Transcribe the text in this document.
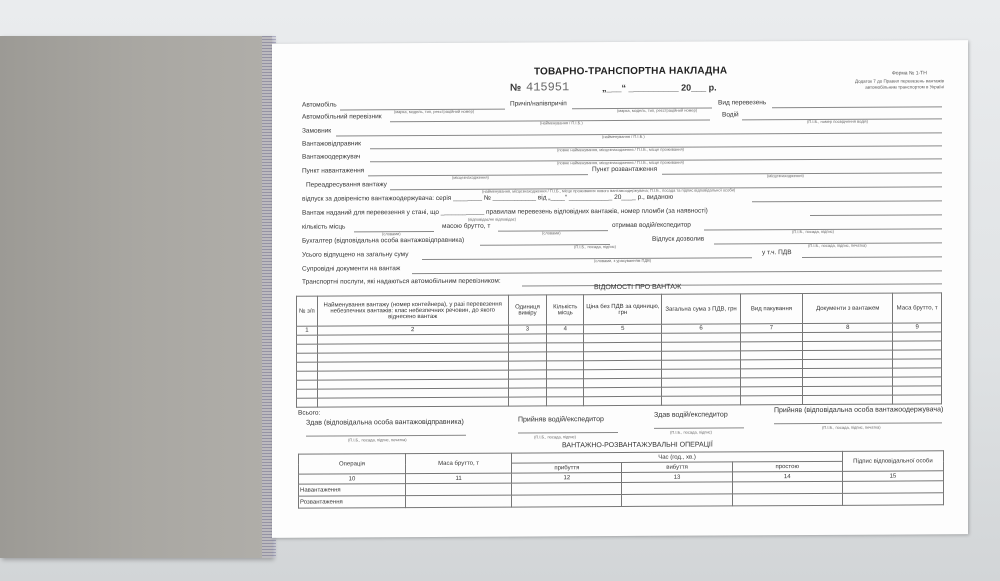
ТОВАРНО-ТРАНСПОРТНА НАКЛАДНА
№ 415951	„___“ __________ 20___ р.
Форма № 1-ТН
Додаток 7 до Правил перевезень вантажів автомобільним транспортом в Україні
Автомобіль
(марка, модель, тип, реєстраційний номер)
Причіп/напівпричіп
(марка, модель, тип, реєстраційний номер)
Вид перевезень
Автомобільний перевізник
(найменування / П.І.Б.)
Водій
(П.І.Б., номер посвідчення водія)
Замовник
(найменування / П.І.Б.)
Вантажовідправник
(повне найменування, місцезнаходження / П.І.Б., місце проживання)
Вантажоодержувач
(повне найменування, місцезнаходження / П.І.Б., місце проживання)
Пункт навантаження
(місцезнаходження)
Пункт розвантаження
(місцезнаходження)
Переадресування вантажу
(найменування, місцезнаходження / П.І.Б., місце проживання нового вантажоодержувача; П.І.Б., посада та підпис відповідальної особи)
відпуск за довіреністю вантажоодержувача: серія ________ № ____________ від „____“ ____________ 20____ р., виданою
Вантаж наданий для перевезення у стані, що ____________ правилам перевезень відповідних вантажів, номер пломби (за наявності)
(відповідає/не відповідає)
кількість місць
(словами)
масою брутто, т
(словами)
отримав водій/експедитор
(П.І.Б., посада, підпис)
Бухгалтер (відповідальна особа вантажовідправника)
(П.І.Б., посада, підпис)
Відпуск дозволив
(П.І.Б., посада, підпис, печатка)
Усього відпущено на загальну суму
(словами, з урахуванням ПДВ)
у т.ч. ПДВ
Супровідні документи на вантаж
Транспортні послуги, які надаються автомобільним перевізником:
ВІДОМОСТІ ПРО ВАНТАЖ
№ з/п	Найменування вантажу (номер контейнера), у разі перевезення небезпечних вантажів: клас небезпечних речовин, до якого віднесено вантаж	Одиниця виміру	Кількість місць	Ціна без ПДВ за одиницю, грн	Загальна сума з ПДВ, грн	Вид пакування	Документи з вантажем	Маса брутто, т
1	2	3	4	5	6	7	8	9

Всього:
Здав (відповідальна особа вантажовідправника)
(П.І.Б., посада, підпис, печатка)
Прийняв водій/експедитор
(П.І.Б., посада, підпис)
Здав водій/експедитор
(П.І.Б., посада, підпис)
Прийняв (відповідальна особа вантажоодержувача)
(П.І.Б., посада, підпис, печатка)
ВАНТАЖНО-РОЗВАНТАЖУВАЛЬНІ ОПЕРАЦІЇ
Операція	Маса брутто, т	Час (год., хв.)			Підпис відповідальної особи
		прибуття	вибуття	простою	
10	11	12	13	14	15
Навантаження					
Розвантаження					
